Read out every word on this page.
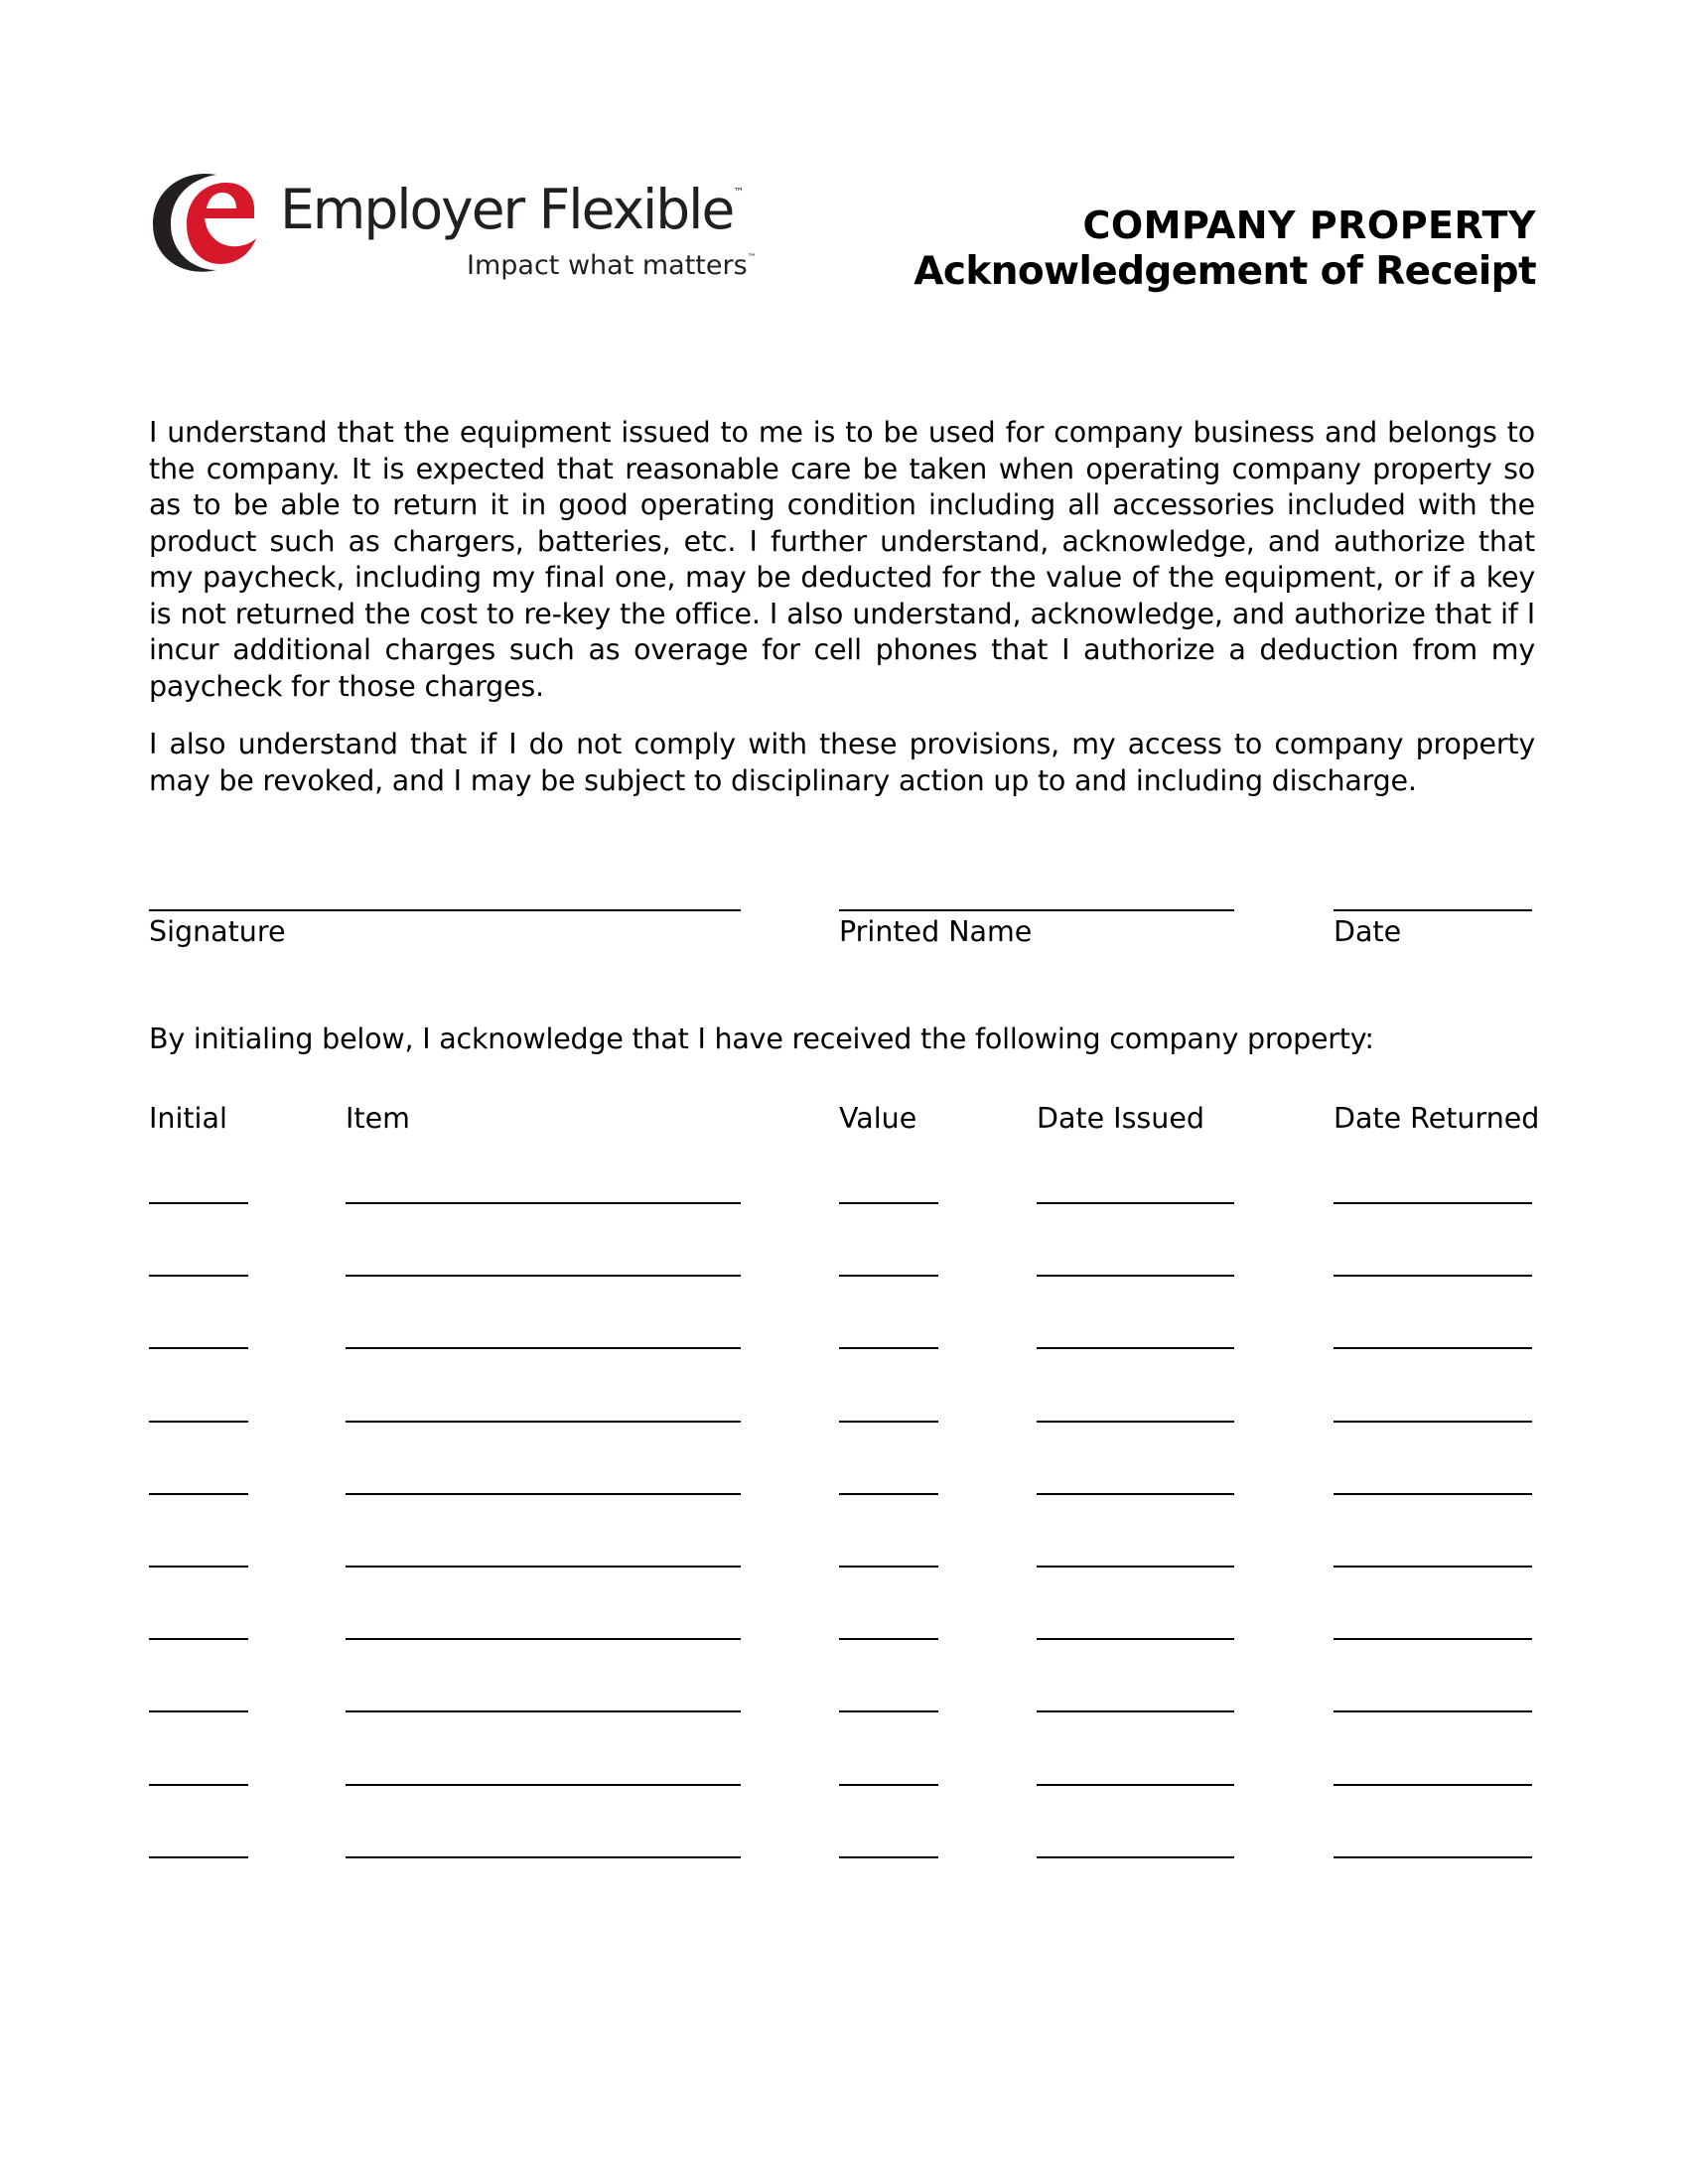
Employer Flexible™
Impact what matters™
COMPANY PROPERTY
Acknowledgement of Receipt
I understand that the equipment issued to me is to be used for company business and belongs to the company. It is expected that reasonable care be taken when operating company property so as to be able to return it in good operating condition including all accessories included with the product such as chargers, batteries, etc. I further understand, acknowledge, and authorize that my paycheck, including my final one, may be deducted for the value of the equipment, or if a key is not returned the cost to re-key the office. I also understand, acknowledge, and authorize that if I incur additional charges such as overage for cell phones that I authorize a deduction from my paycheck for those charges.
I also understand that if I do not comply with these provisions, my access to company property may be revoked, and I may be subject to disciplinary action up to and including discharge.
Signature	Printed Name	Date
By initialing below, I acknowledge that I have received the following company property:
Initial	Item	Value	Date Issued	Date Returned
